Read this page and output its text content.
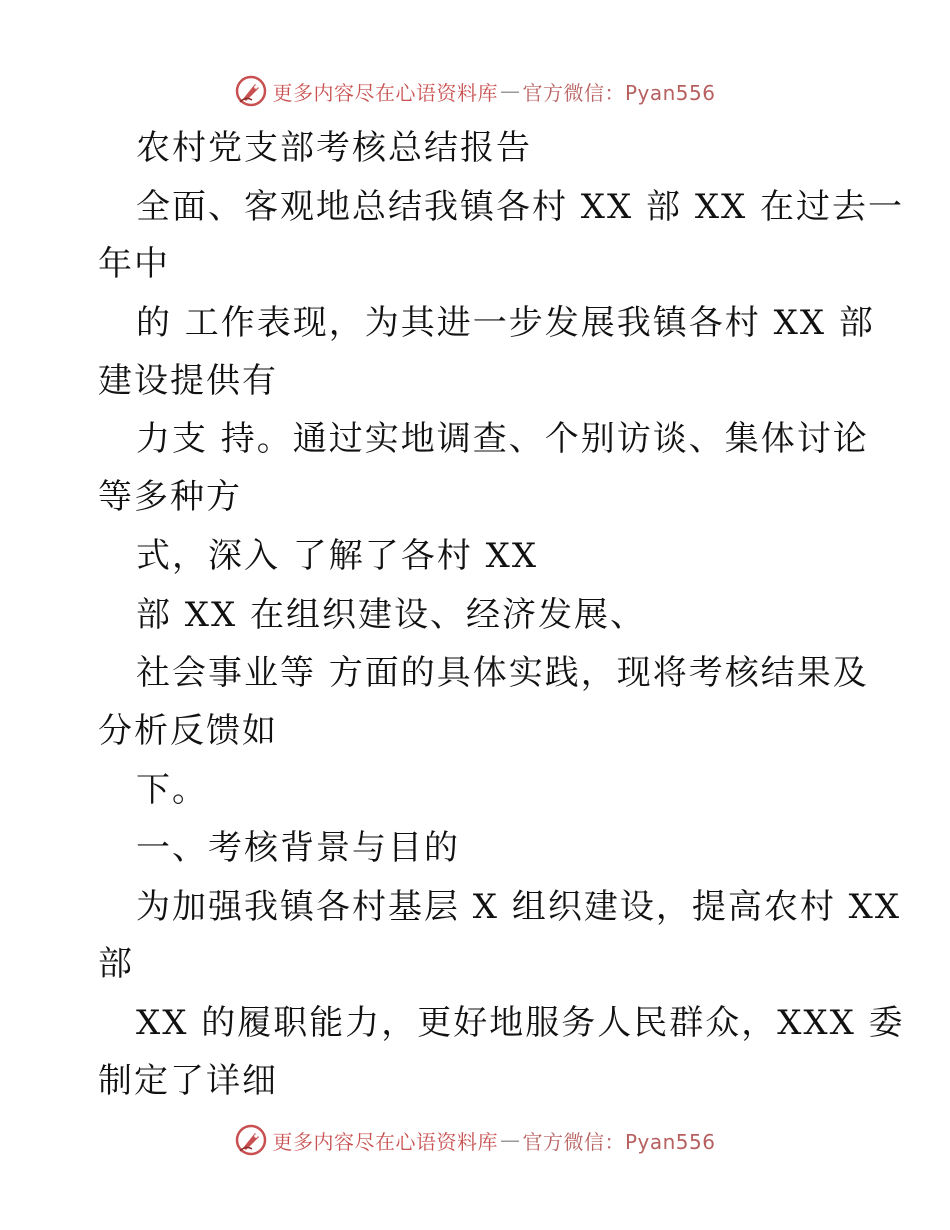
更多内容尽在心语资料库 — 官方微信：Pyan556
农村党支部考核总结报告
全面、客观地总结我镇各村 XX 部 XX 在过去一
年中
的 工作表现，为其进一步发展我镇各村 XX 部
建设提供有
力支 持。通过实地调查、个别访谈、集体讨论
等多种方
式，深入 了解了各村 XX
部 XX 在组织建设、经济发展、
社会事业等 方面的具体实践，现将考核结果及
分析反馈如
下。
一、考核背景与目的
为加强我镇各村基层 X 组织建设，提高农村 XX
部
XX 的履职能力，更好地服务人民群众，XXX 委
制定了详细
更多内容尽在心语资料库 — 官方微信：Pyan556
